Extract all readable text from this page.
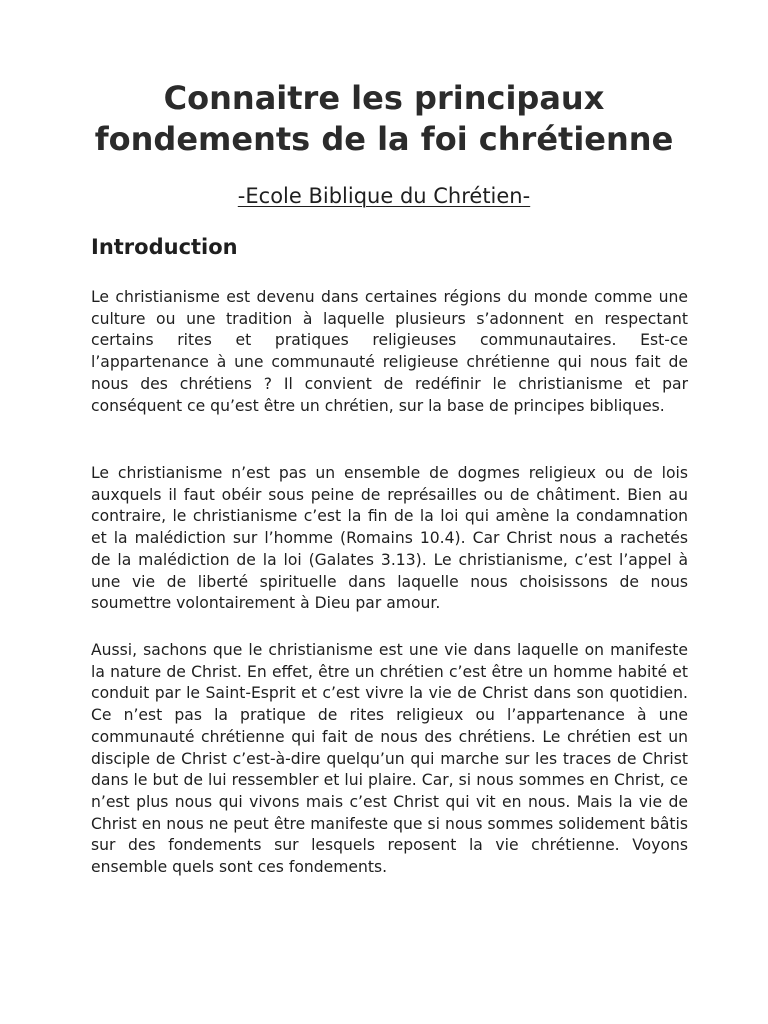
Connaitre les principaux fondements de la foi chrétienne

-Ecole Biblique du Chrétien-

Introduction

Le christianisme est devenu dans certaines régions du monde comme une culture ou une tradition à laquelle plusieurs s’adonnent en respectant certains rites et pratiques religieuses communautaires. Est-ce l’appartenance à une communauté religieuse chrétienne qui nous fait de nous des chrétiens ? Il convient de redéfinir le christianisme et par conséquent ce qu’est être un chrétien, sur la base de principes bibliques.

Le christianisme n’est pas un ensemble de dogmes religieux ou de lois auxquels il faut obéir sous peine de représailles ou de châtiment. Bien au contraire, le christianisme c’est la fin de la loi qui amène la condamnation et la malédiction sur l’homme (Romains 10.4). Car Christ nous a rachetés de la malédiction de la loi (Galates 3.13). Le christianisme, c’est l’appel à une vie de liberté spirituelle dans laquelle nous choisissons de nous soumettre volontairement à Dieu par amour.

Aussi, sachons que le christianisme est une vie dans laquelle on manifeste la nature de Christ. En effet, être un chrétien c’est être un homme habité et conduit par le Saint-Esprit et c’est vivre la vie de Christ dans son quotidien. Ce n’est pas la pratique de rites religieux ou l’appartenance à une communauté chrétienne qui fait de nous des chrétiens. Le chrétien est un disciple de Christ c’est-à-dire quelqu’un qui marche sur les traces de Christ dans le but de lui ressembler et lui plaire. Car, si nous sommes en Christ, ce n’est plus nous qui vivons mais c’est Christ qui vit en nous. Mais la vie de Christ en nous ne peut être manifeste que si nous sommes solidement bâtis sur des fondements sur lesquels reposent la vie chrétienne. Voyons ensemble quels sont ces fondements.
